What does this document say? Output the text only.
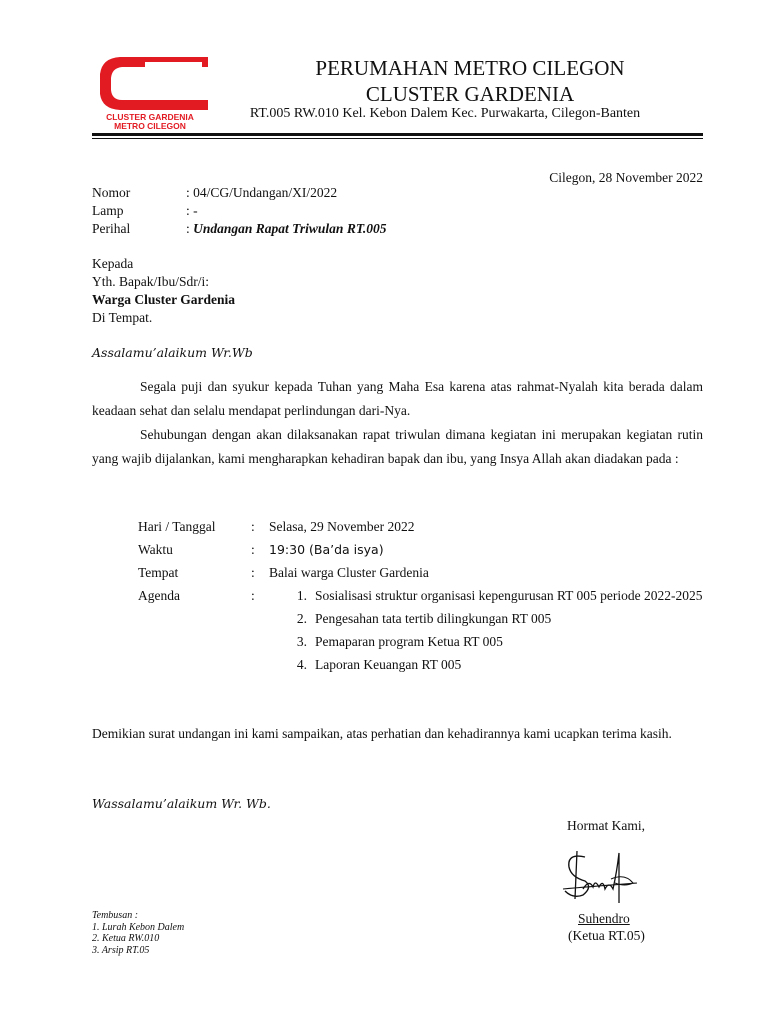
CLUSTER GARDENIA
METRO CILEGON
PERUMAHAN METRO CILEGON
CLUSTER GARDENIA
RT.005 RW.010 Kel. Kebon Dalem Kec. Purwakarta, Cilegon-Banten
Cilegon, 28 November 2022
Nomor	: 04/CG/Undangan/XI/2022
Lamp	: -
Perihal	: Undangan Rapat Triwulan RT.005
Kepada
Yth. Bapak/Ibu/Sdr/i:
Warga Cluster Gardenia
Di Tempat.
Assalamu’alaikum Wr.Wb
Segala puji dan syukur kepada Tuhan yang Maha Esa karena atas rahmat-Nyalah kita berada dalam keadaan sehat dan selalu mendapat perlindungan dari-Nya.
Sehubungan dengan akan dilaksanakan rapat triwulan dimana kegiatan ini merupakan kegiatan rutin yang wajib dijalankan, kami mengharapkan kehadiran bapak dan ibu, yang Insya Allah akan diadakan pada :
Hari / Tanggal	: Selasa, 29 November 2022
Waktu	: 19:30 (Ba’da isya)
Tempat	: Balai warga Cluster Gardenia
Agenda	:	1. Sosialisasi struktur organisasi kepengurusan RT 005 periode 2022-2025
2. Pengesahan tata tertib dilingkungan RT 005
3. Pemaparan program Ketua RT 005
4. Laporan Keuangan RT 005
Demikian surat undangan ini kami sampaikan, atas perhatian dan kehadirannya kami ucapkan terima kasih.
Wassalamu’alaikum Wr. Wb.
Hormat Kami,
Suhendro
(Ketua RT.05)
Tembusan :
1. Lurah Kebon Dalem
2. Ketua RW.010
3. Arsip RT.05
